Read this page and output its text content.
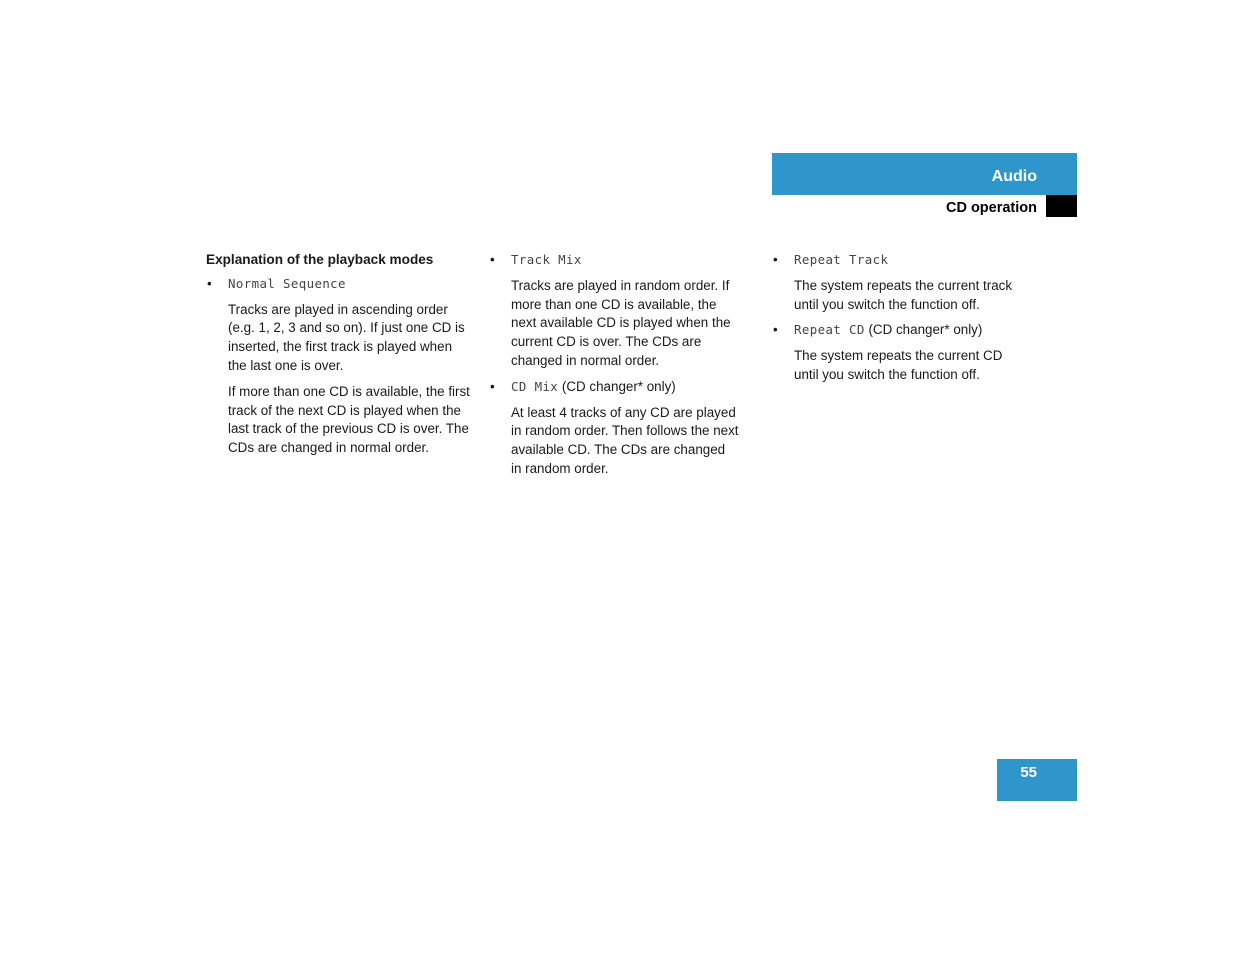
Audio
CD operation

Explanation of the playback modes

• Normal Sequence

Tracks are played in ascending order (e.g. 1, 2, 3 and so on). If just one CD is inserted, the first track is played when the last one is over.

If more than one CD is available, the first track of the next CD is played when the last track of the previous CD is over. The CDs are changed in normal order.

• Track Mix

Tracks are played in random order. If more than one CD is available, the next available CD is played when the current CD is over. The CDs are changed in normal order.

• CD Mix (CD changer* only)

At least 4 tracks of any CD are played in random order. Then follows the next available CD. The CDs are changed in random order.

• Repeat Track

The system repeats the current track until you switch the function off.

• Repeat CD (CD changer* only)

The system repeats the current CD until you switch the function off.

55
